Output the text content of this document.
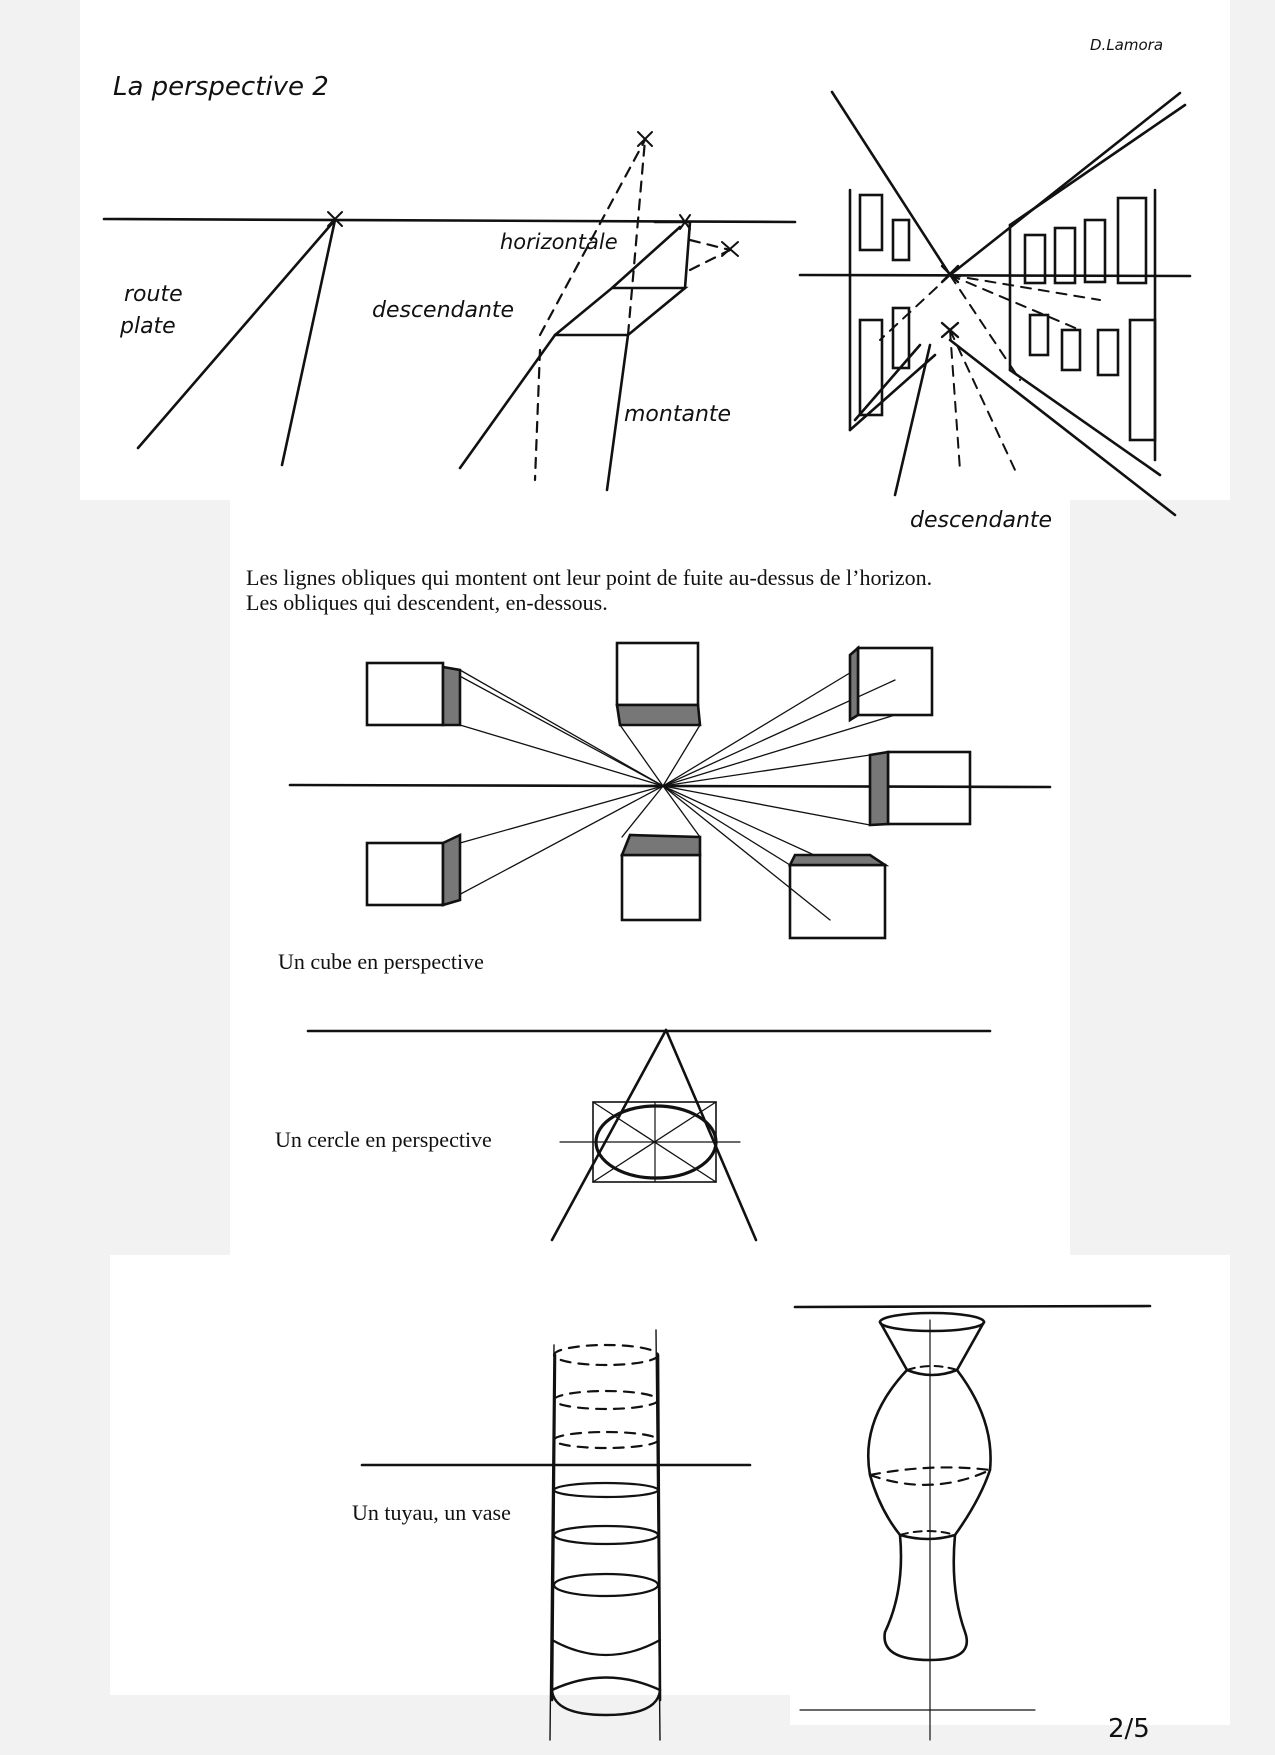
La perspective 2
D.Lamora
2/5
route
plate
horizontale
descendante
montante
descendante
Les lignes obliques qui montent ont leur point de fuite au-dessus de l’horizon.
Les obliques qui descendent, en-dessous.
Un cube en perspective
Un cercle en perspective
Un tuyau, un vase
